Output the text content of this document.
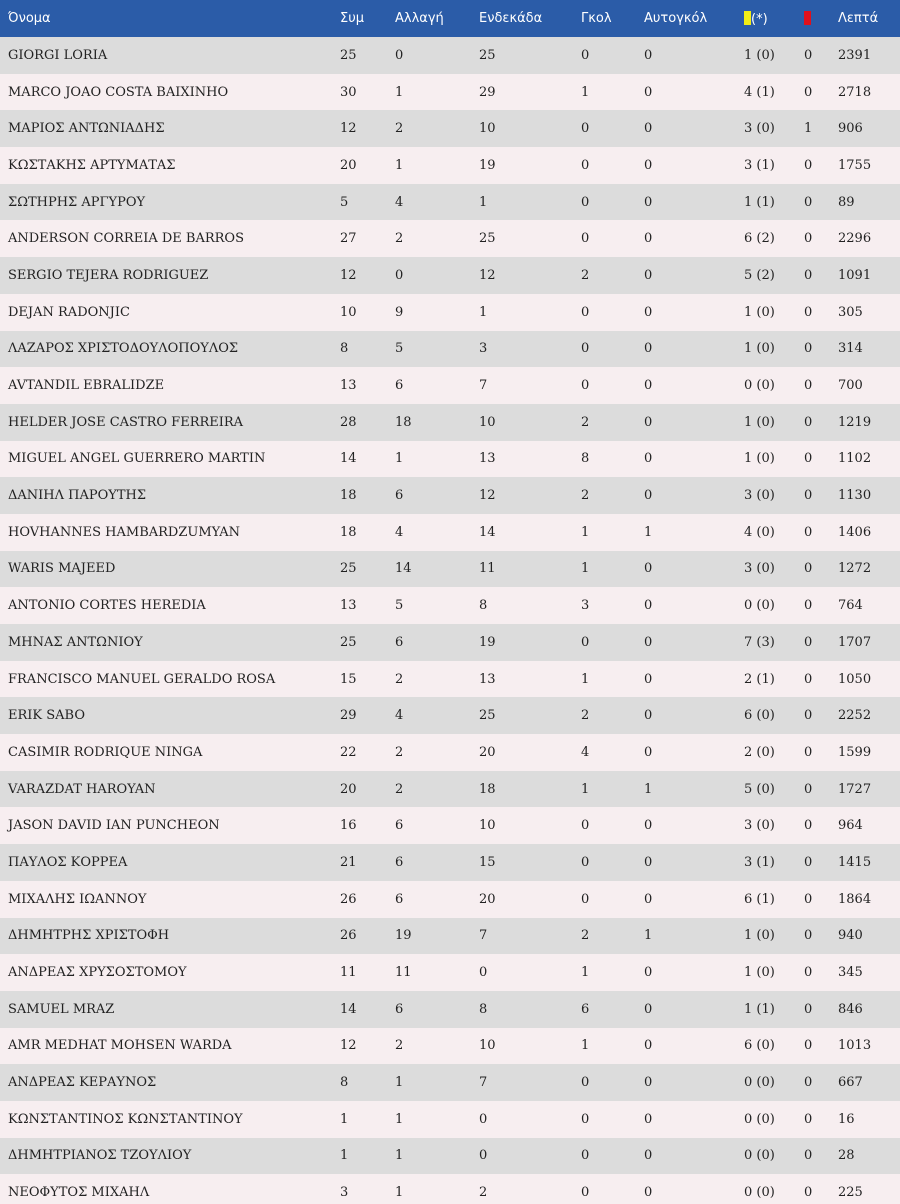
Όνομα	Συμ	Αλλαγή	Ενδεκάδα	Γκολ	Αυτογκόλ	(*)		Λεπτά
GIORGI LORIA	25	0	25	0	0	1 (0)	0	2391
MARCO JOAO COSTA BAIXINHO	30	1	29	1	0	4 (1)	0	2718
ΜΑΡΙΟΣ ΑΝΤΩΝΙΑΔΗΣ	12	2	10	0	0	3 (0)	1	906
ΚΩΣΤΑΚΗΣ ΑΡΤΥΜΑΤΑΣ	20	1	19	0	0	3 (1)	0	1755
ΣΩΤΗΡΗΣ ΑΡΓΥΡΟΥ	5	4	1	0	0	1 (1)	0	89
ANDERSON CORREIA DE BARROS	27	2	25	0	0	6 (2)	0	2296
SERGIO TEJERA RODRIGUEZ	12	0	12	2	0	5 (2)	0	1091
DEJAN RADONJIC	10	9	1	0	0	1 (0)	0	305
ΛΑΖΑΡΟΣ ΧΡΙΣΤΟΔΟΥΛΟΠΟΥΛΟΣ	8	5	3	0	0	1 (0)	0	314
AVTANDIL EBRALIDZE	13	6	7	0	0	0 (0)	0	700
HELDER JOSE CASTRO FERREIRA	28	18	10	2	0	1 (0)	0	1219
MIGUEL ANGEL GUERRERO MARTIN	14	1	13	8	0	1 (0)	0	1102
ΔΑΝΙΗΛ ΠΑΡΟΥΤΗΣ	18	6	12	2	0	3 (0)	0	1130
HOVHANNES HAMBARDZUMYAN	18	4	14	1	1	4 (0)	0	1406
WARIS MAJEED	25	14	11	1	0	3 (0)	0	1272
ANTONIO CORTES HEREDIA	13	5	8	3	0	0 (0)	0	764
ΜΗΝΑΣ ΑΝΤΩΝΙΟΥ	25	6	19	0	0	7 (3)	0	1707
FRANCISCO MANUEL GERALDO ROSA	15	2	13	1	0	2 (1)	0	1050
ERIK SABO	29	4	25	2	0	6 (0)	0	2252
CASIMIR RODRIQUE NINGA	22	2	20	4	0	2 (0)	0	1599
VARAZDAT HAROYAN	20	2	18	1	1	5 (0)	0	1727
JASON DAVID IAN PUNCHEON	16	6	10	0	0	3 (0)	0	964
ΠΑΥΛΟΣ ΚΟΡΡΕΑ	21	6	15	0	0	3 (1)	0	1415
ΜΙΧΑΛΗΣ ΙΩΑΝΝΟΥ	26	6	20	0	0	6 (1)	0	1864
ΔΗΜΗΤΡΗΣ ΧΡΙΣΤΟΦΗ	26	19	7	2	1	1 (0)	0	940
ΑΝΔΡΕΑΣ ΧΡΥΣΟΣΤΟΜΟΥ	11	11	0	1	0	1 (0)	0	345
SAMUEL MRAZ	14	6	8	6	0	1 (1)	0	846
AMR MEDHAT MOHSEN WARDA	12	2	10	1	0	6 (0)	0	1013
ΑΝΔΡΕΑΣ ΚΕΡΑΥΝΟΣ	8	1	7	0	0	0 (0)	0	667
ΚΩΝΣΤΑΝΤΙΝΟΣ ΚΩΝΣΤΑΝΤΙΝΟΥ	1	1	0	0	0	0 (0)	0	16
ΔΗΜΗΤΡΙΑΝΟΣ ΤΖΟΥΛΙΟΥ	1	1	0	0	0	0 (0)	0	28
ΝΕΟΦΥΤΟΣ ΜΙΧΑΗΛ	3	1	2	0	0	0 (0)	0	225
